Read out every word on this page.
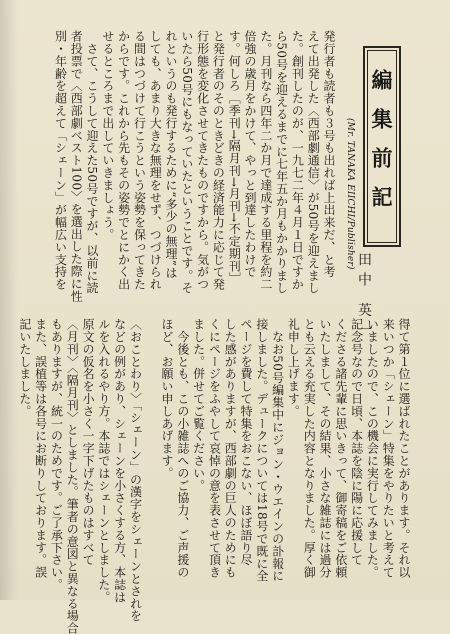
編集前記
(Mr. TANAKA EIICHI/Publisher)
田中 英一
発行者も読者も３号も出れば上出来だ、と考
えて出発した〈西部劇通信〉が50号を迎えまし
た。創刊したのが、一九七二年４月１日ですか
ら50号を迎えるまでに七年五か月もかかりまし
た。月刊なら四年二か月で達成する里程を約二
倍強の歳月をかけて、やっと到達したわけで
す。何しろ［季刊→隔月刊→月刊→不定期刊］
と発行者のそのときどきの経済能力に応じて発
行形態を変化させてきたものですから。気がつ
いたら50号にもなっていたということです。そ
れというのも発行するために“多少の無理”は
しても、あまり大きな無理をせず、つづけられ
る間はつづけて行こうという姿勢を保ってきた
からです。これから先もその姿勢でとにかく出
せるところまで出していきましょう。
　さて、こうして迎えた50号ですが、以前に読
者投票で〈西部劇ベスト100〉を選出した際に性
別・年齢を超えて「シェーン」が幅広い支持を
得て第１位に選ばれたことがあります。それ以
来いつか「シェーン」特集をやりたいと考えて
いましたので、この機会に実行してみました。
記念号なので日頃、本誌を陰に陽に応援して
くださる諸先輩に思いきって、御寄稿をご依頼
いたしまして、その結果、小さな雑誌には過分
とも云える充実した内容となりました。厚く御
礼申し上げます。
　なお50号編集中にジョン・ウエインの訃報に
接しました。デュークについては18号で既に全
ページを費して特集をおこない、ほぼ語り尽
した感がありますが、西部劇の巨人のためにも
くにページをふやして哀悼の意を表させて頂き
ました。併せてご覧ください。
　今後とも、この小雑誌へのご協力、ご声援の
ほど、お願い申しあげます。

〈おことわり〉「シェーン」の漢字をシェーンとされを
などの例があり、シェーンを小さくする方、本誌は
ルを入れるやり方。本誌ではシェーンとしました。
原文の仮名を小さく一字下げたものはすべて
〈月刊〉〈隔月刊〉としました。筆者の意図と異なる場合
もありますが、統一のためです。ご了承下さい。
また、誤植等は各号にお断りしております。誤
記いたしました。
